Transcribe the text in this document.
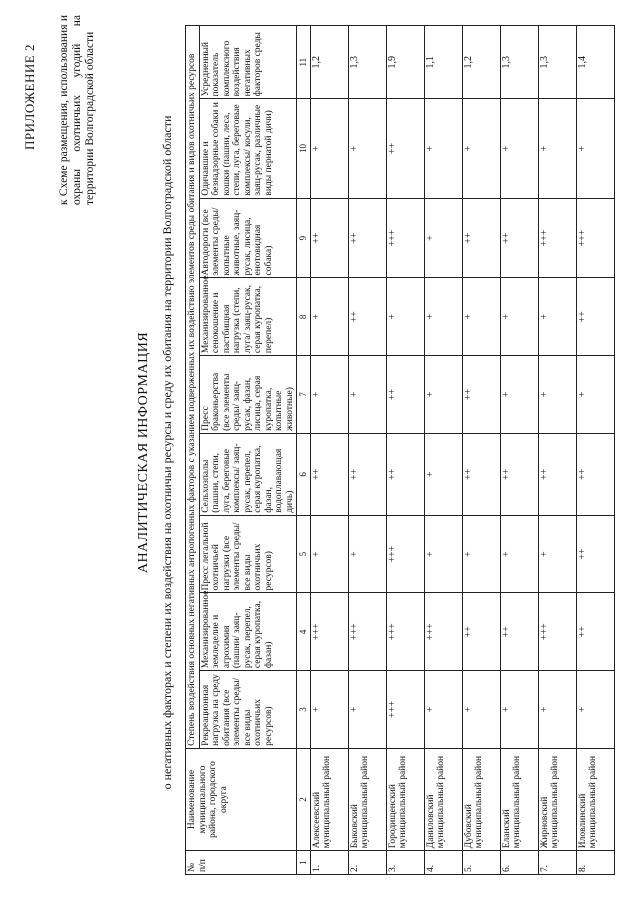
ПРИЛОЖЕНИЕ 2 к Схеме размещения, использования и охраны охотничьих угодий на территории Волгоградской области	о негативных факторах и степени их воздействия на охотничьи ресурсы и среду их обитания на территории Волгоградской области
АНАЛИТИЧЕСКАЯ ИНФОРМАЦИЯ
№ п/п	Наименование муниципального района, городского округа	Степень воздействия основных негативных антропогенных факторов с указанием подверженных их воздействию элементов среды обитания и видов охотничьих ресурсов								
		Рекреационная нагрузка на среду обитания (все элементы среды/ все виды охотничьих ресурсов)	Механизированное земледелие и агрохимия (пашни/ заяц-русак, перепел, серая куропатка, фазан)	Пресс легальной охотничьей нагрузки (все элементы среды/ все виды охотничьих ресурсов)	Сельхозпалы (пашни, степи, луга, береговые комплексы/ заяц-русак, перепел, серая куропатка, фазан, водоплавающая дичь)	Пресс браконьерства (все элементы среды/ заяц-русак, фазан, лисица, серая куропатка, копытные животные)	Механизированное сенокошение и пастбищная нагрузка (степи, луга/ заяц-русак, серая куропатка, перепел)	Автодороги (все элементы среды/ копытные животные, заяц-русак, лисица, енотовидная собака)	Одичавшие и безнадзорные собаки и кошки (пашни, леса, степи, луга, береговые комплексы/ косули, заяц-русак, различные виды пернатой дичи)	Усредненный показатель комплексного воздействия негативных факторов среды
1	2	3	4	5	6	7	8	9	10	11
1.	Алексеевский муниципальный район	+	+++	+	++	+	+	++	+	1,2
2.	Быковский муниципальный район	+	+++	+	++	+	++	++	+	1,3
3.	Городищенский муниципальный район	+++	+++	+++	++	++	+	+++	++	1,9
4.	Даниловский муниципальный район	+	+++	+	+	+	+	+	+	1,1
5.	Дубовский муниципальный район	+	++	+	++	++	+	++	+	1,2
6.	Еланский муниципальный район	+	++	+	++	+	+	++	+	1,3
7.	Жирновский муниципальный район	+	+++	+	++	+	+	+++	+	1,3
8.	Иловлинский муниципальный район	+	++	++	++	+	++	+++	+	1,4
